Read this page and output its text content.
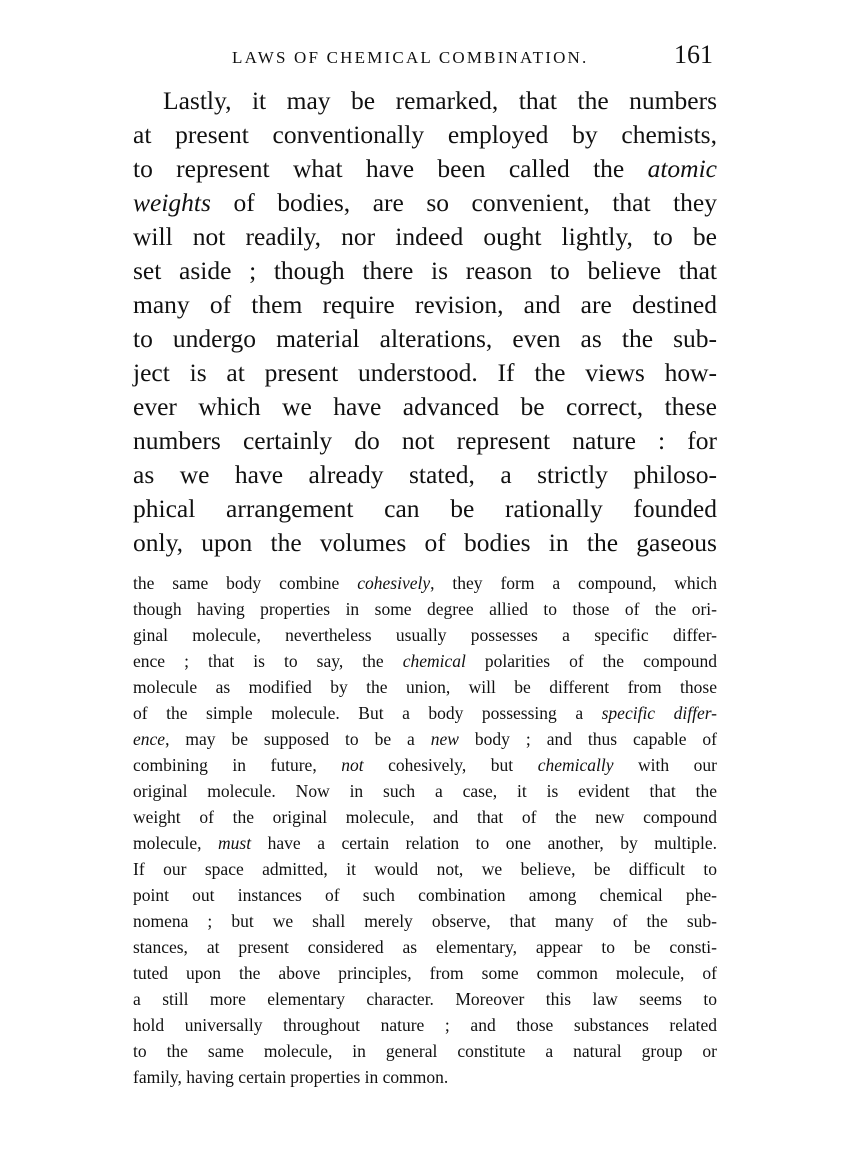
LAWS OF CHEMICAL COMBINATION.	161
Lastly, it may be remarked, that the numbers
at present conventionally employed by chemists,
to represent what have been called the atomic
weights of bodies, are so convenient, that they
will not readily, nor indeed ought lightly, to be
set aside ; though there is reason to believe that
many of them require revision, and are destined
to undergo material alterations, even as the sub-
ject is at present understood. If the views how-
ever which we have advanced be correct, these
numbers certainly do not represent nature : for
as we have already stated, a strictly philoso-
phical arrangement can be rationally founded
only, upon the volumes of bodies in the gaseous
the same body combine cohesively, they form a compound, which
though having properties in some degree allied to those of the ori-
ginal molecule, nevertheless usually possesses a specific differ-
ence ; that is to say, the chemical polarities of the compound
molecule as modified by the union, will be different from those
of the simple molecule. But a body possessing a specific differ-
ence, may be supposed to be a new body ; and thus capable of
combining in future, not cohesively, but chemically with our
original molecule. Now in such a case, it is evident that the
weight of the original molecule, and that of the new compound
molecule, must have a certain relation to one another, by multiple.
If our space admitted, it would not, we believe, be difficult to
point out instances of such combination among chemical phe-
nomena ; but we shall merely observe, that many of the sub-
stances, at present considered as elementary, appear to be consti-
tuted upon the above principles, from some common molecule, of
a still more elementary character. Moreover this law seems to
hold universally throughout nature ; and those substances related
to the same molecule, in general constitute a natural group or
family, having certain properties in common.
